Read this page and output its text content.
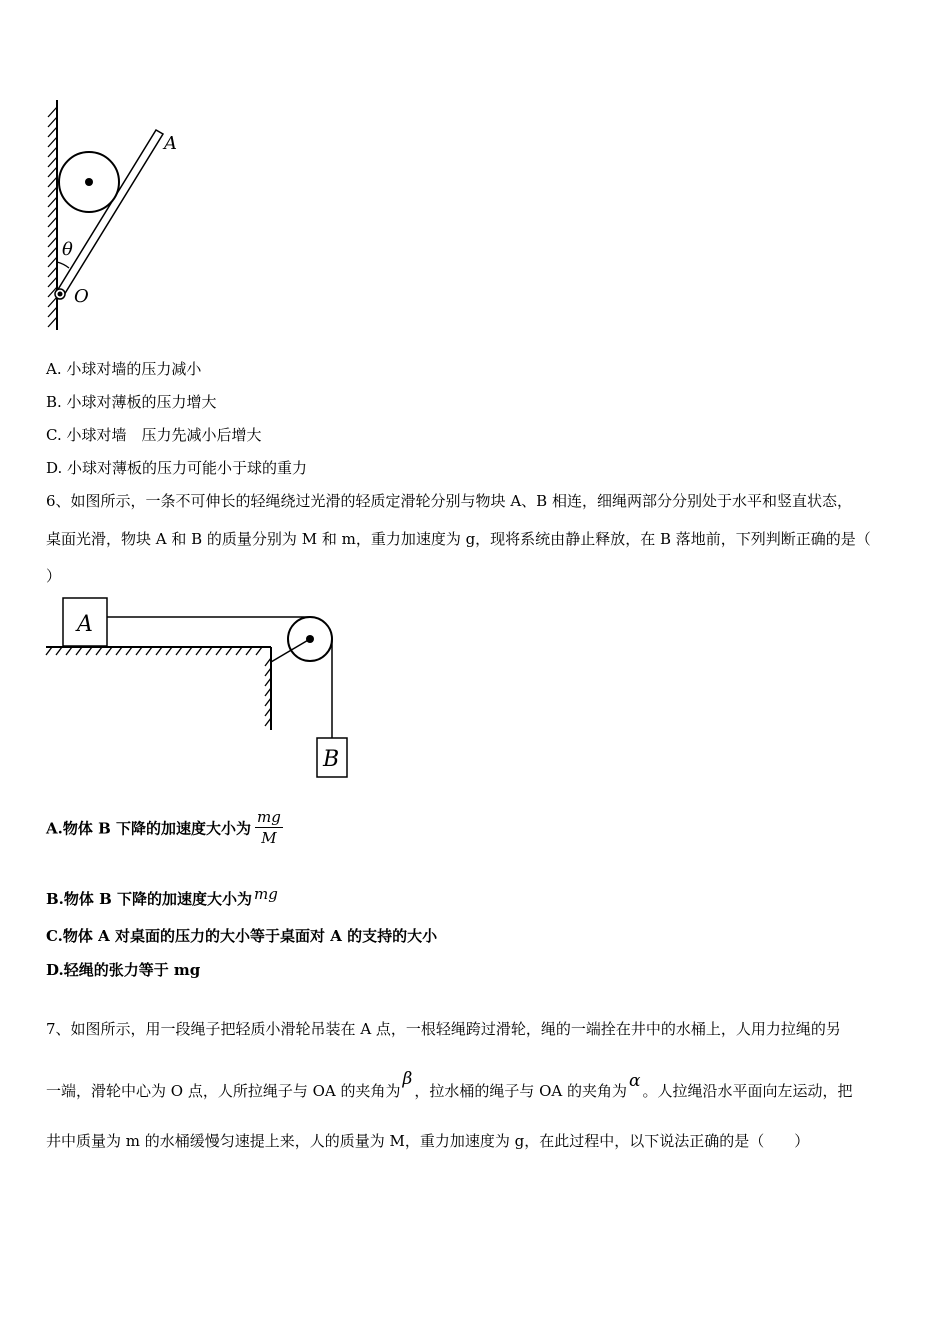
θ
A
O
A. 小球对墙的压力减小
B. 小球对薄板的压力增大
C. 小球对墙　压力先减小后增大
D. 小球对薄板的压力可能小于球的重力
6、如图所示，一条不可伸长的轻绳绕过光滑的轻质定滑轮分别与物块 A、B 相连，细绳两部分分别处于水平和竖直状态，
桌面光滑，物块 A 和 B 的质量分别为 M 和 m，重力加速度为 g，现将系统由静止释放，在 B 落地前，下列判断正确的是（
）
A
B
A.物体 B 下降的加速度大小为 $\frac{mg}{M}$
B.物体 B 下降的加速度大小为 mg
C.物体 A 对桌面的压力的大小等于桌面对 A 的支持的大小
D.轻绳的张力等于 mg
7、如图所示，用一段绳子把轻质小滑轮吊装在 A 点，一根轻绳跨过滑轮，绳的一端拴在井中的水桶上，人用力拉绳的另
一端，滑轮中心为 O 点，人所拉绳子与 OA 的夹角为β，拉水桶的绳子与 OA 的夹角为 α 。人拉绳沿水平面向左运动，把
井中质量为 m 的水桶缓慢匀速提上来，人的质量为 M，重力加速度为 g，在此过程中，以下说法正确的是（　　）
